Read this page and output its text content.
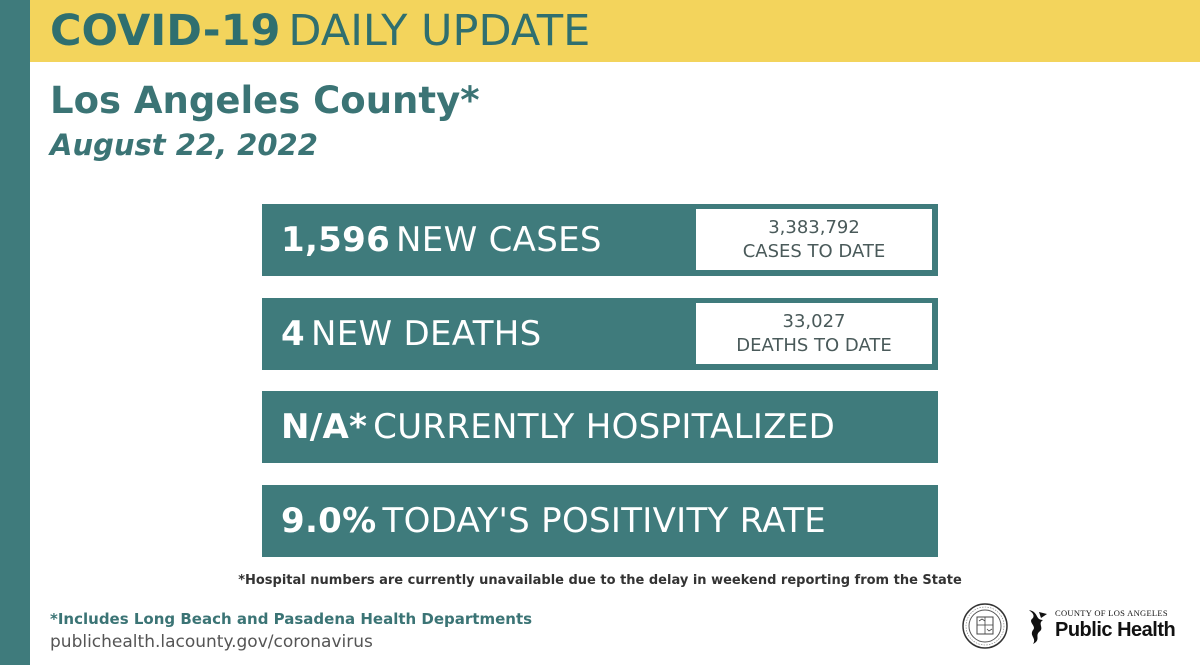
COVID-19 DAILY UPDATE
Los Angeles County*
August 22, 2022
1,596 NEW CASES	3,383,792
CASES TO DATE
4 NEW DEATHS	33,027
DEATHS TO DATE
N/A* CURRENTLY HOSPITALIZED
9.0% TODAY'S POSITIVITY RATE
*Hospital numbers are currently unavailable due to the delay in weekend reporting from the State
*Includes Long Beach and Pasadena Health Departments
publichealth.lacounty.gov/coronavirus
COUNTY OF LOS ANGELES
Public Health
